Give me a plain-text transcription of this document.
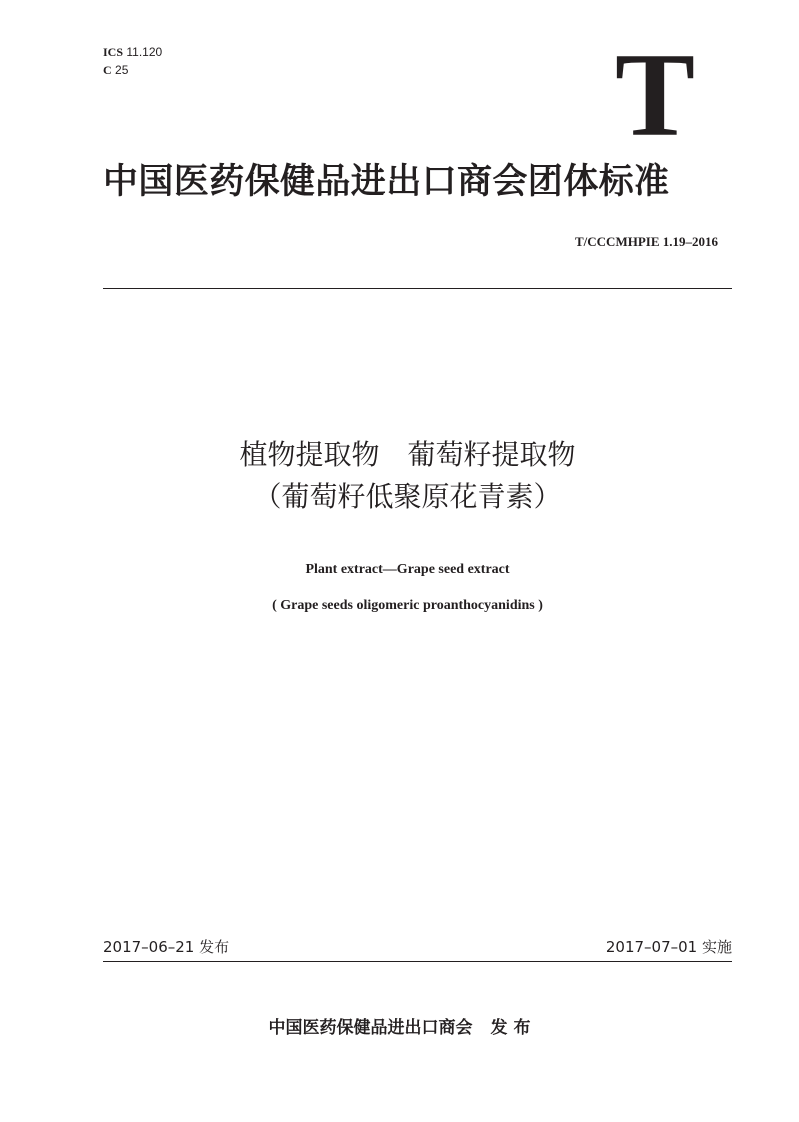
ICS 11.120
C 25	T
中国医药保健品进出口商会团体标准
T/CCCMHPIE 1.19–2016
植物提取物　葡萄籽提取物
（葡萄籽低聚原花青素）
Plant extract—Grape seed extract
( Grape seeds oligomeric proanthocyanidins )
2017–06–21 发布	2017–07–01 实施
中国医药保健品进出口商会 发 布
